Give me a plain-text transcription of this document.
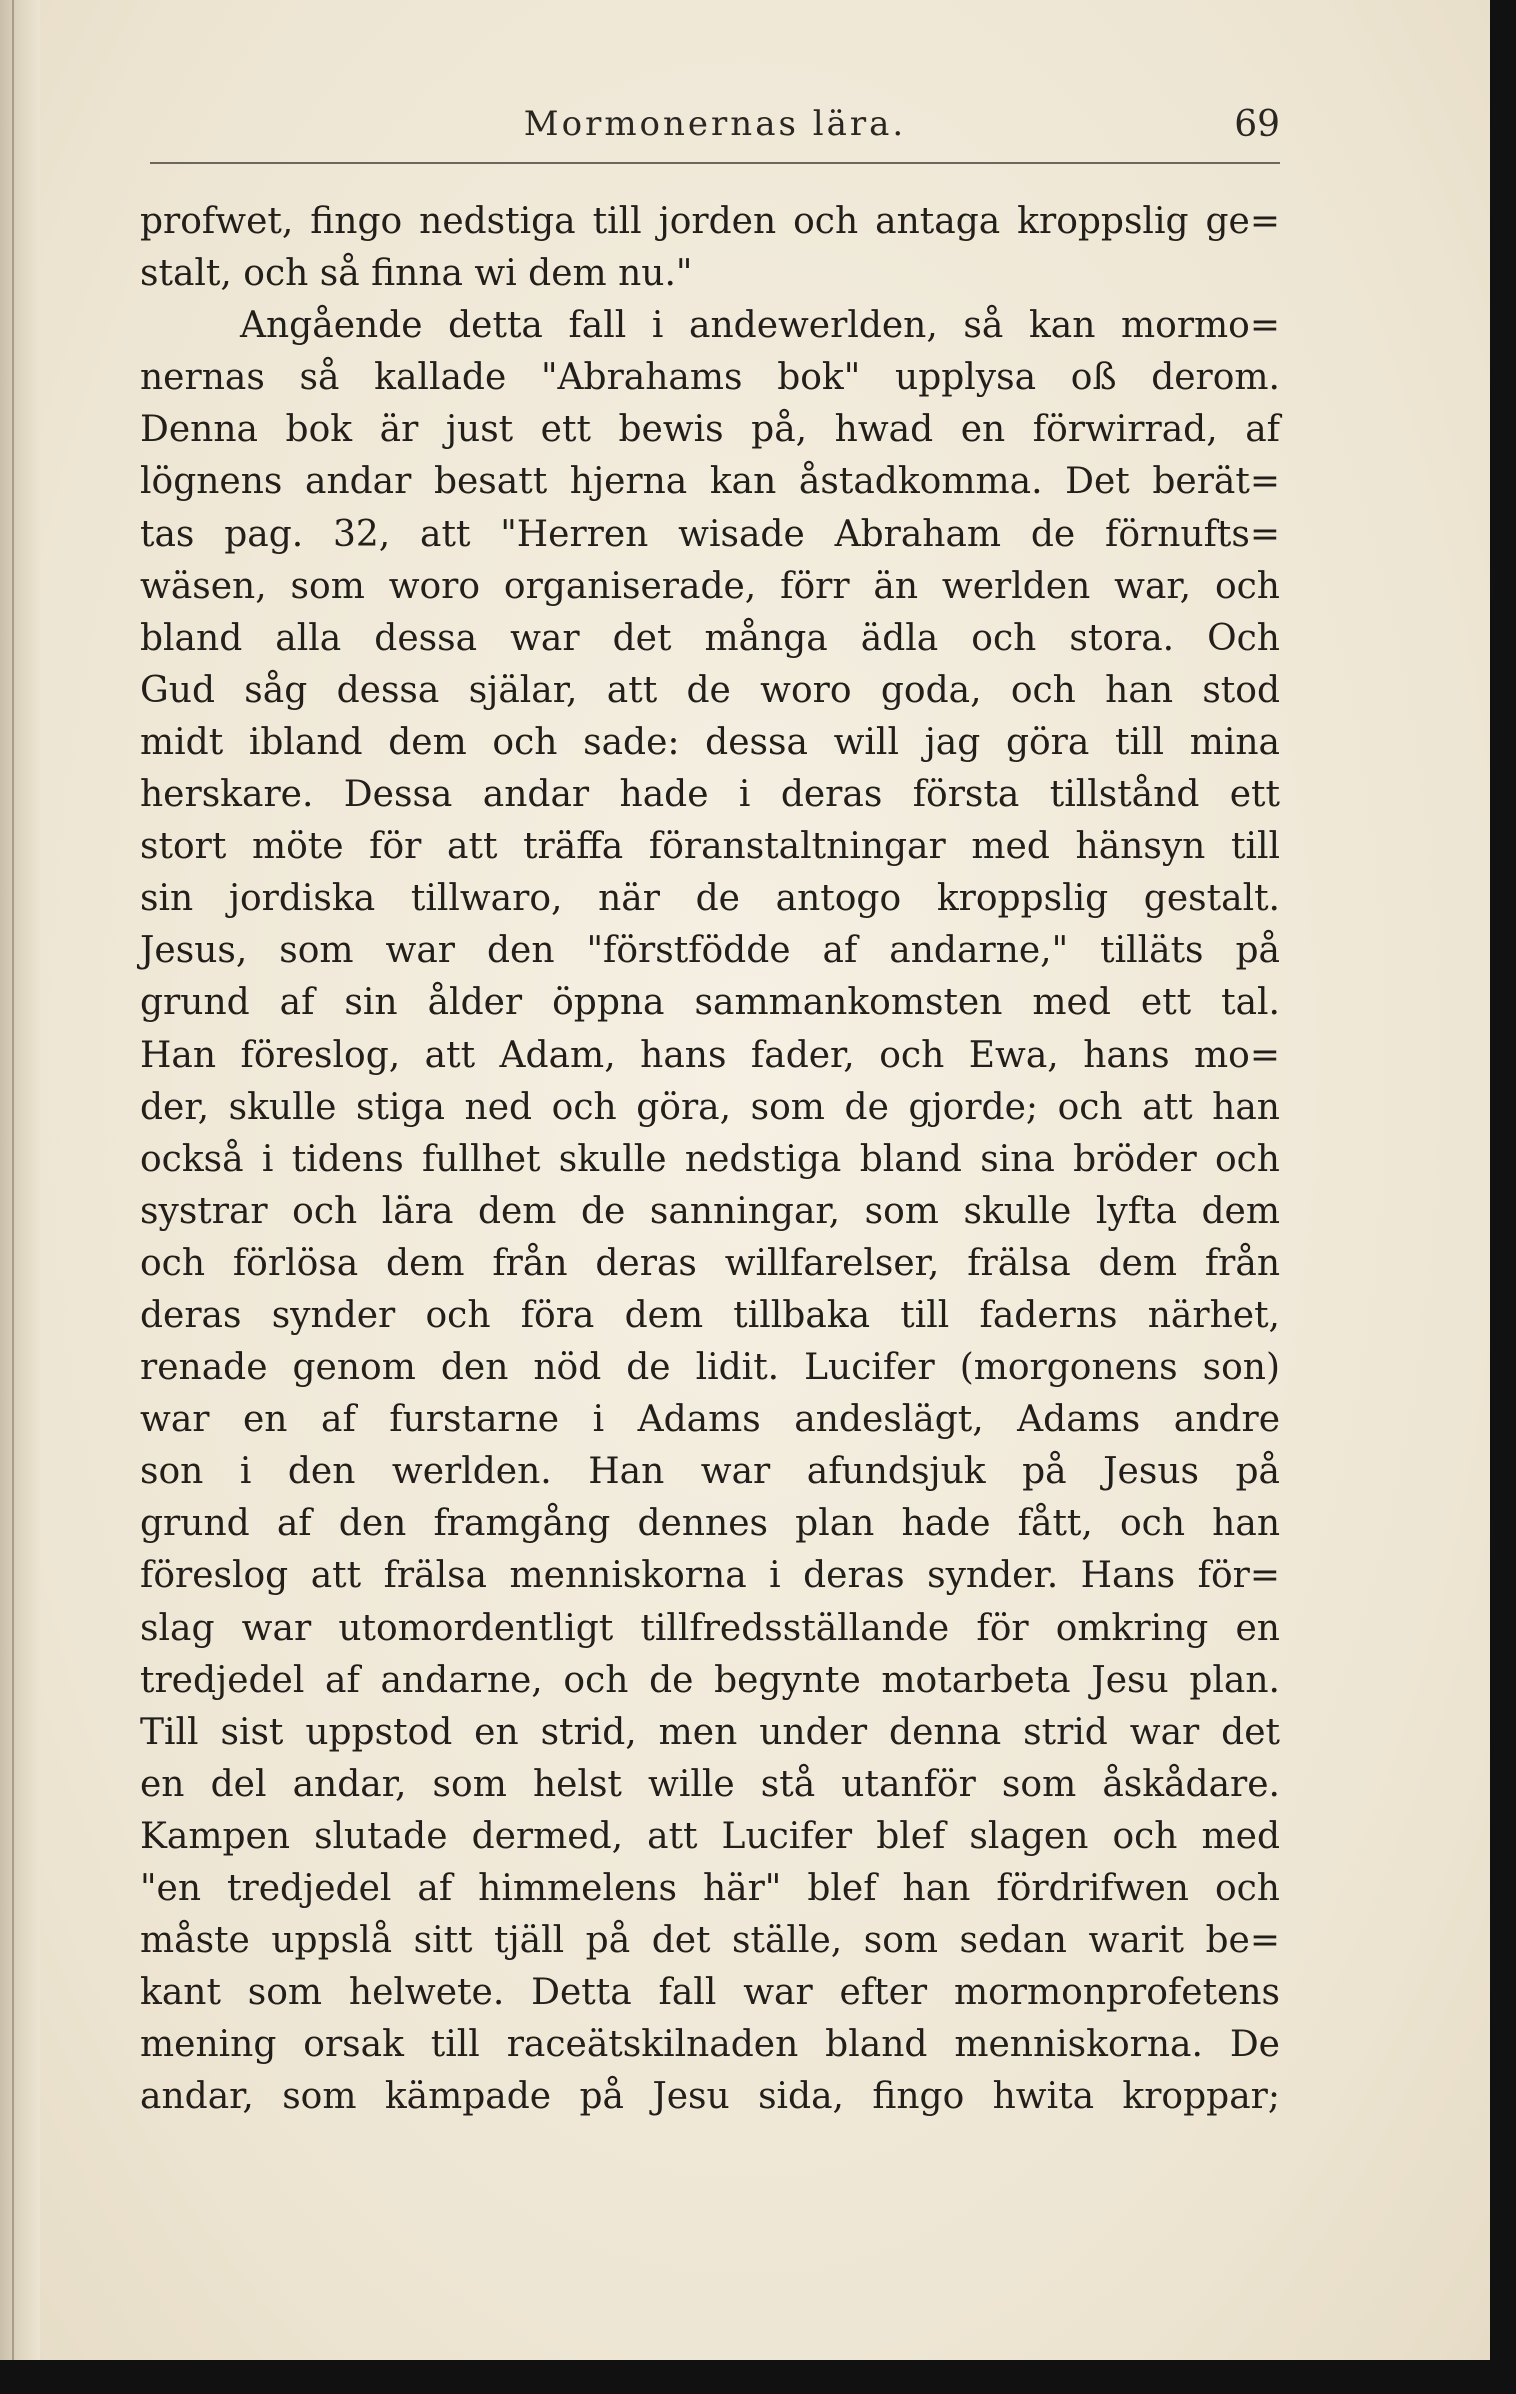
Mormonernas lära.	69
profwet, fingo nedstiga till jorden och antaga kroppslig ge=
stalt, och så finna wi dem nu."
Angående detta fall i andewerlden, så kan mormo=
nernas så kallade "Abrahams bok" upplysa oß derom.
Denna bok är just ett bewis på, hwad en förwirrad, af
lögnens andar besatt hjerna kan åstadkomma. Det berät=
tas pag. 32, att "Herren wisade Abraham de förnufts=
wäsen, som woro organiserade, förr än werlden war, och
bland alla dessa war det många ädla och stora. Och
Gud såg dessa själar, att de woro goda, och han stod
midt ibland dem och sade: dessa will jag göra till mina
herskare. Dessa andar hade i deras första tillstånd ett
stort möte för att träffa föranstaltningar med hänsyn till
sin jordiska tillwaro, när de antogo kroppslig gestalt.
Jesus, som war den "förstfödde af andarne," tilläts på
grund af sin ålder öppna sammankomsten med ett tal.
Han föreslog, att Adam, hans fader, och Ewa, hans mo=
der, skulle stiga ned och göra, som de gjorde; och att han
också i tidens fullhet skulle nedstiga bland sina bröder och
systrar och lära dem de sanningar, som skulle lyfta dem
och förlösa dem från deras willfarelser, frälsa dem från
deras synder och föra dem tillbaka till faderns närhet,
renade genom den nöd de lidit. Lucifer (morgonens son)
war en af furstarne i Adams andeslägt, Adams andre
son i den werlden. Han war afundsjuk på Jesus på
grund af den framgång dennes plan hade fått, och han
föreslog att frälsa menniskorna i deras synder. Hans för=
slag war utomordentligt tillfredsställande för omkring en
tredjedel af andarne, och de begynte motarbeta Jesu plan.
Till sist uppstod en strid, men under denna strid war det
en del andar, som helst wille stå utanför som åskådare.
Kampen slutade dermed, att Lucifer blef slagen och med
"en tredjedel af himmelens här" blef han fördrifwen och
måste uppslå sitt tjäll på det ställe, som sedan warit be=
kant som helwete. Detta fall war efter mormonprofetens
mening orsak till raceätskilnaden bland menniskorna. De
andar, som kämpade på Jesu sida, fingo hwita kroppar;
